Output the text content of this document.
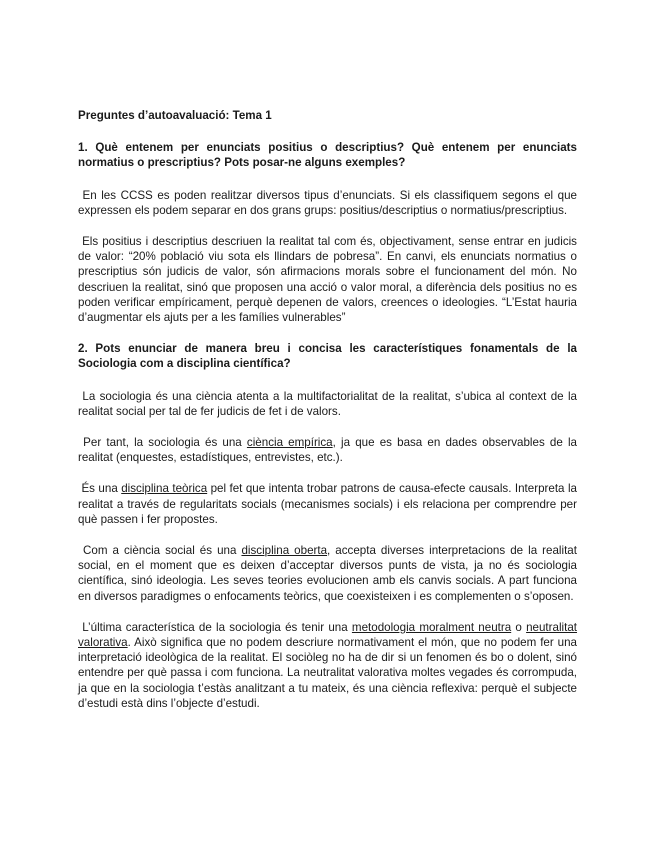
Preguntes d’autoavaluació: Tema 1
1. Què entenem per enunciats positius o descriptius? Què entenem per enunciats normatius o prescriptius? Pots posar-ne alguns exemples?

En les CCSS es poden realitzar diversos tipus d’enunciats. Si els classifiquem segons el que expressen els podem separar en dos grans grups: positius/descriptius o normatius/prescriptius.

Els positius i descriptius descriuen la realitat tal com és, objectivament, sense entrar en judicis de valor: “20% població viu sota els llindars de pobresa”. En canvi, els enunciats normatius o prescriptius són judicis de valor, són afirmacions morals sobre el funcionament del món. No descriuen la realitat, sinó que proposen una acció o valor moral, a diferència dels positius no es poden verificar empíricament, perquè depenen de valors, creences o ideologies. “L’Estat hauria d’augmentar els ajuts per a les famílies vulnerables”

2. Pots enunciar de manera breu i concisa les característiques fonamentals de la Sociologia com a disciplina científica?

La sociologia és una ciència atenta a la multifactorialitat de la realitat, s’ubica al context de la realitat social per tal de fer judicis de fet i de valors.

Per tant, la sociologia és una ciència empírica, ja que es basa en dades observables de la realitat (enquestes, estadístiques, entrevistes, etc.).

És una disciplina teòrica pel fet que intenta trobar patrons de causa-efecte causals. Interpreta la realitat a través de regularitats socials (mecanismes socials) i els relaciona per comprendre per què passen i fer propostes.

Com a ciència social és una disciplina oberta, accepta diverses interpretacions de la realitat social, en el moment que es deixen d’acceptar diversos punts de vista, ja no és sociologia científica, sinó ideologia. Les seves teories evolucionen amb els canvis socials. A part funciona en diversos paradigmes o enfocaments teòrics, que coexisteixen i es complementen o s’oposen.

L’última característica de la sociologia és tenir una metodologia moralment neutra o neutralitat valorativa. Això significa que no podem descriure normativament el món, que no podem fer una interpretació ideològica de la realitat. El sociòleg no ha de dir si un fenomen és bo o dolent, sinó entendre per què passa i com funciona. La neutralitat valorativa moltes vegades és corrompuda, ja que en la sociologia t’estàs analitzant a tu mateix, és una ciència reflexiva: perquè el subjecte d’estudi està dins l’objecte d’estudi.
